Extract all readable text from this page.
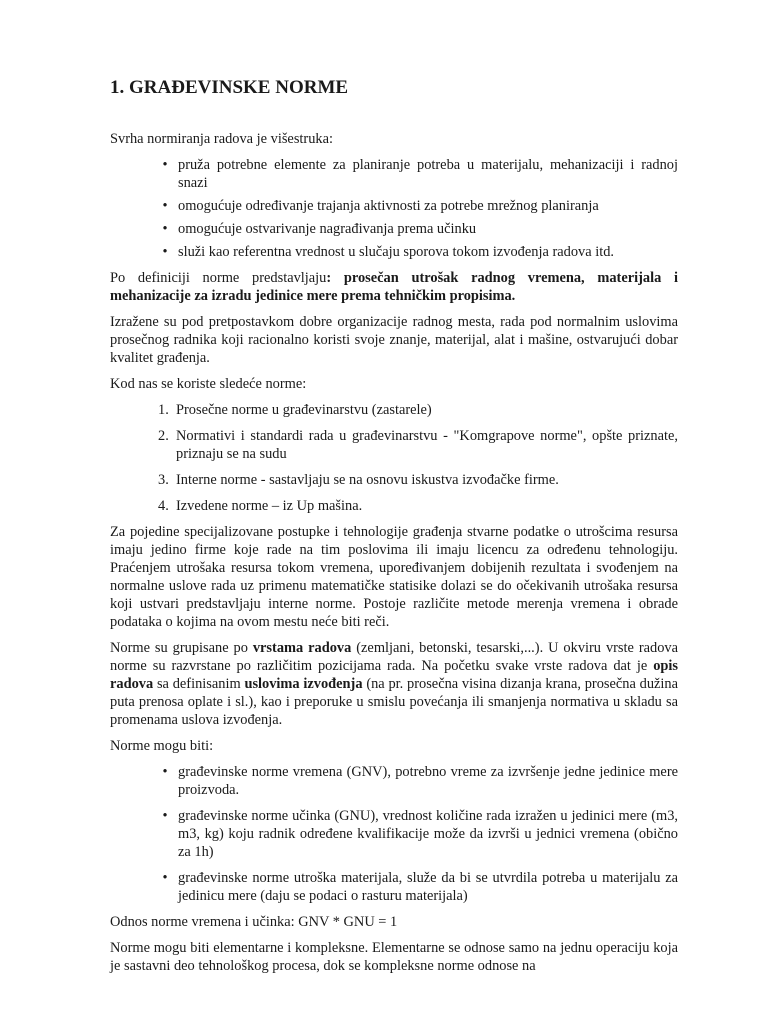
1. GRAĐEVINSKE NORME

Svrha normiranja radova je višestruka:

• pruža potrebne elemente za planiranje potreba u materijalu, mehanizaciji i radnoj snazi
• omogućuje određivanje trajanja aktivnosti za potrebe mrežnog planiranja
• omogućuje ostvarivanje nagrađivanja prema učinku
• služi kao referentna vrednost u slučaju sporova tokom izvođenja radova itd.

Po definiciji norme predstavljaju: prosečan utrošak radnog vremena, materijala i mehanizacije za izradu jedinice mere prema tehničkim propisima.

Izražene su pod pretpostavkom dobre organizacije radnog mesta, rada pod normalnim uslovima prosečnog radnika koji racionalno koristi svoje znanje, materijal, alat i mašine, ostvarujući dobar kvalitet građenja.

Kod nas se koriste sledeće norme:

1. Prosečne norme u građevinarstvu (zastarele)
2. Normativi i standardi rada u građevinarstvu - "Komgrapove norme", opšte priznate, priznaju se na sudu
3. Interne norme - sastavljaju se na osnovu iskustva izvođačke firme.
4. Izvedene norme – iz Up mašina.

Za pojedine specijalizovane postupke i tehnologije građenja stvarne podatke o utrošcima resursa imaju jedino firme koje rade na tim poslovima ili imaju licencu za određenu tehnologiju. Praćenjem utrošaka resursa tokom vremena, upoređivanjem dobijenih rezultata i svođenjem na normalne uslove rada uz primenu matematičke statisike dolazi se do očekivanih utrošaka resursa koji ustvari predstavljaju interne norme. Postoje različite metode merenja vremena i obrade podataka o kojima na ovom mestu neće biti reči.

Norme su grupisane po vrstama radova (zemljani, betonski, tesarski,...). U okviru vrste radova norme su razvrstane po različitim pozicijama rada. Na početku svake vrste radova dat je opis radova sa definisanim uslovima izvođenja (na pr. prosečna visina dizanja krana, prosečna dužina puta prenosa oplate i sl.), kao i preporuke u smislu povećanja ili smanjenja normativa u skladu sa promenama uslova izvođenja.

Norme mogu biti:

• građevinske norme vremena (GNV), potrebno vreme za izvršenje jedne jedinice mere proizvoda.
• građevinske norme učinka (GNU), vrednost količine rada izražen u jedinici mere (m3, m3, kg) koju radnik određene kvalifikacije može da izvrši u jednici vremena (obično za 1h)
• građevinske norme utroška materijala, služe da bi se utvrdila potreba u materijalu za jedinicu mere (daju se podaci o rasturu materijala)

Odnos norme vremena i učinka: GNV * GNU = 1

Norme mogu biti elementarne i kompleksne. Elementarne se odnose samo na jednu operaciju koja je sastavni deo tehnološkog procesa, dok se kompleksne norme odnose na
